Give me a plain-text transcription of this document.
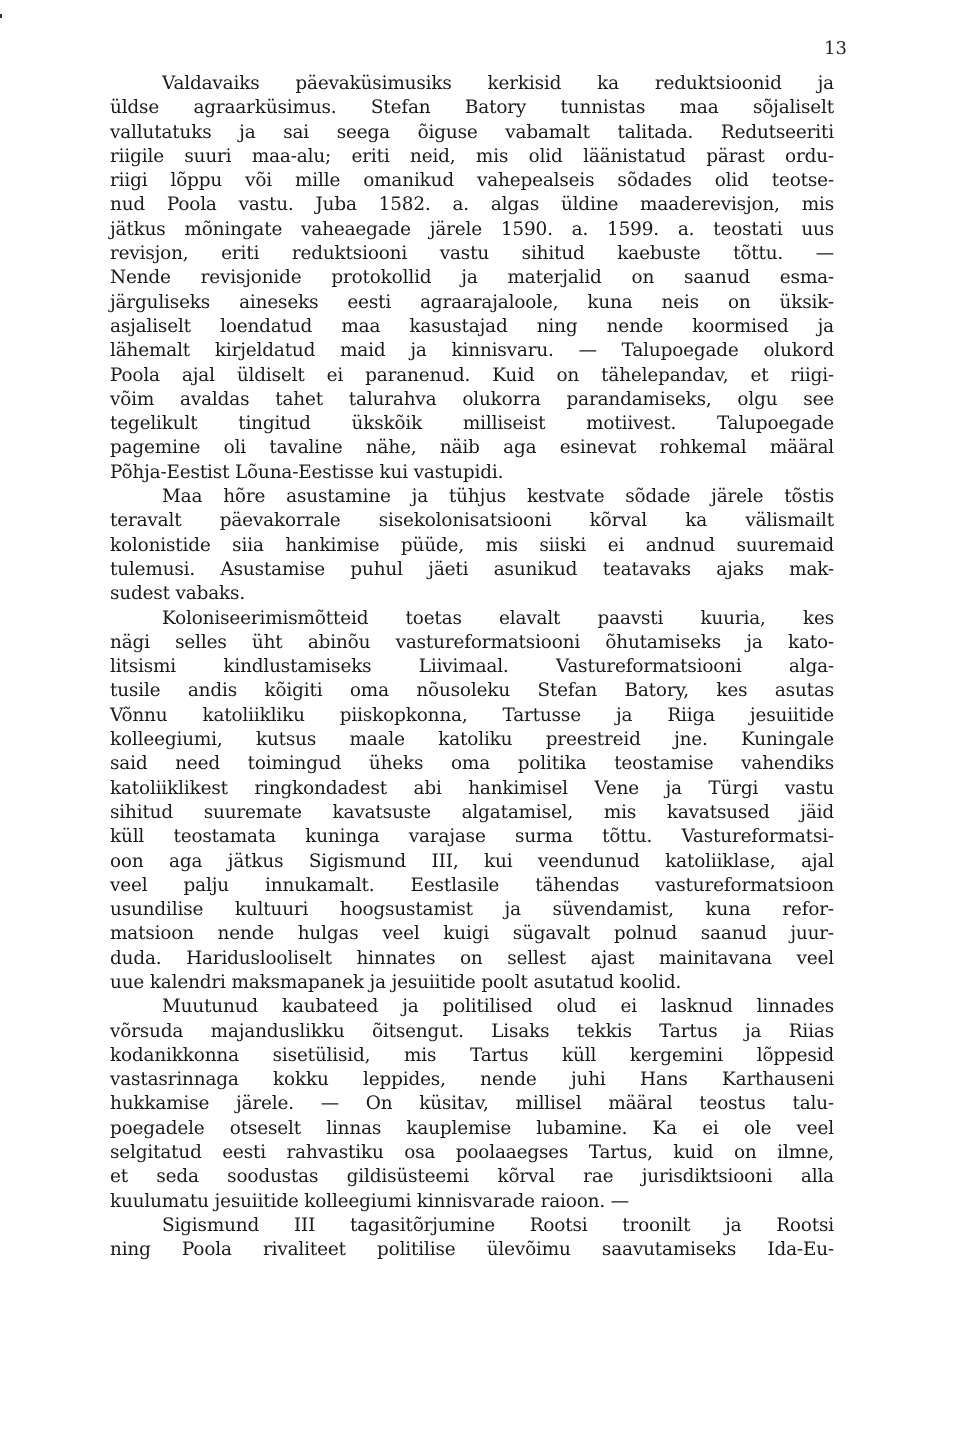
13
Valdavaiks päevaküsimusiks kerkisid ka reduktsioonid ja
üldse agraarküsimus. Stefan Batory tunnistas maa sõjaliselt
vallutatuks ja sai seega õiguse vabamalt talitada. Redutseeriti
riigile suuri maa-alu; eriti neid, mis olid läänistatud pärast ordu-
riigi lõppu või mille omanikud vahepealseis sõdades olid teotse-
nud Poola vastu. Juba 1582. a. algas üldine maaderevisjon, mis
jätkus mõningate vaheaegade järele 1590. a. 1599. a. teostati uus
revisjon, eriti reduktsiooni vastu sihitud kaebuste tõttu. —
Nende revisjonide protokollid ja materjalid on saanud esma-
järguliseks aineseks eesti agraarajaloole, kuna neis on üksik-
asjaliselt loendatud maa kasustajad ning nende koormised ja
lähemalt kirjeldatud maid ja kinnisvaru. — Talupoegade olukord
Poola ajal üldiselt ei paranenud. Kuid on tähelepandav, et riigi-
võim avaldas tahet talurahva olukorra parandamiseks, olgu see
tegelikult tingitud ükskõik milliseist motiivest. Talupoegade
pagemine oli tavaline nähe, näib aga esinevat rohkemal määral
Põhja-Eestist Lõuna-Eestisse kui vastupidi.
Maa hõre asustamine ja tühjus kestvate sõdade järele tõstis
teravalt päevakorrale sisekolonisatsiooni kõrval ka välismailt
kolonistide siia hankimise püüde, mis siiski ei andnud suuremaid
tulemusi. Asustamise puhul jäeti asunikud teatavaks ajaks mak-
sudest vabaks.
Koloniseerimismõtteid toetas elavalt paavsti kuuria, kes
nägi selles üht abinõu vastureformatsiooni õhutamiseks ja kato-
litsismi kindlustamiseks Liivimaal. Vastureformatsiooni alga-
tusile andis kõigiti oma nõusoleku Stefan Batory, kes asutas
Võnnu katoliikliku piiskopkonna, Tartusse ja Riiga jesuiitide
kolleegiumi, kutsus maale katoliku preestreid jne. Kuningale
said need toimingud üheks oma politika teostamise vahendiks
katoliiklikest ringkondadest abi hankimisel Vene ja Türgi vastu
sihitud suuremate kavatsuste algatamisel, mis kavatsused jäid
küll teostamata kuninga varajase surma tõttu. Vastureformatsi-
oon aga jätkus Sigismund III, kui veendunud katoliiklase, ajal
veel palju innukamalt. Eestlasile tähendas vastureformatsioon
usundilise kultuuri hoogsustamist ja süvendamist, kuna refor-
matsioon nende hulgas veel kuigi sügavalt polnud saanud juur-
duda. Hariduslooliselt hinnates on sellest ajast mainitavana veel
uue kalendri maksmapanek ja jesuiitide poolt asutatud koolid.
Muutunud kaubateed ja politilised olud ei lasknud linnades
võrsuda majanduslikku õitsengut. Lisaks tekkis Tartus ja Riias
kodanikkonna sisetülisid, mis Tartus küll kergemini lõppesid
vastasrinnaga kokku leppides, nende juhi Hans Karthauseni
hukkamise järele. — On küsitav, millisel määral teostus talu-
poegadele otseselt linnas kauplemise lubamine. Ka ei ole veel
selgitatud eesti rahvastiku osa poolaaegses Tartus, kuid on ilmne,
et seda soodustas gildisüsteemi kõrval rae jurisdiktsiooni alla
kuulumatu jesuiitide kolleegiumi kinnisvarade raioon. —
Sigismund III tagasitõrjumine Rootsi troonilt ja Rootsi
ning Poola rivaliteet politilise ülevõimu saavutamiseks Ida-Eu-
